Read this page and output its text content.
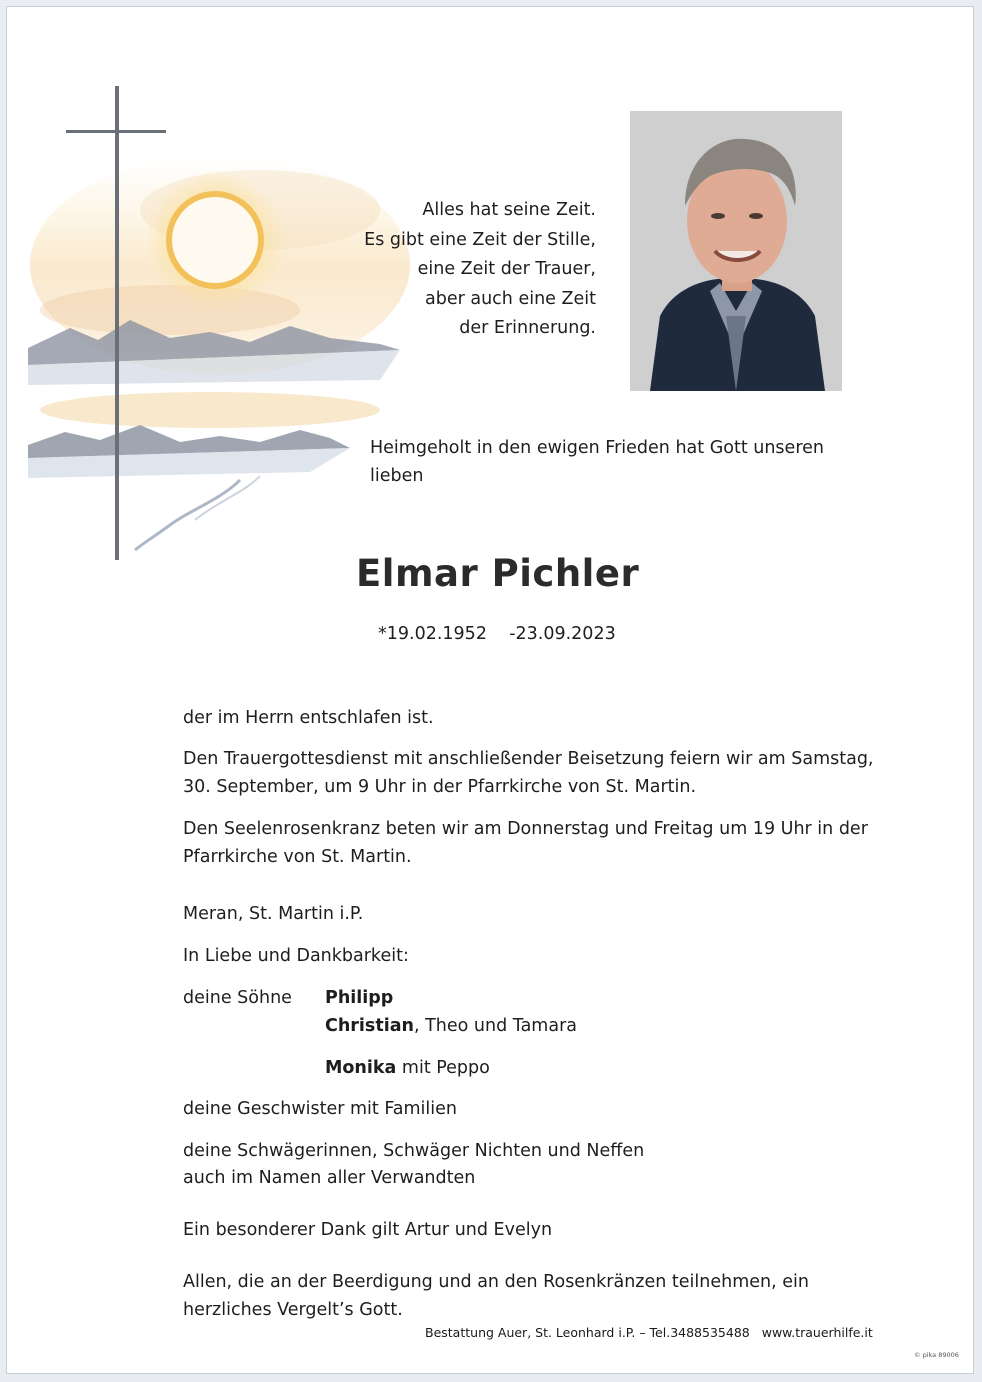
Alles hat seine Zeit.
Es gibt eine Zeit der Stille,
eine Zeit der Trauer,
aber auch eine Zeit
der Erinnerung.
Heimgeholt in den ewigen Frieden hat Gott unseren
lieben
Elmar Pichler
*19.02.1952    ‐23.09.2023
der im Herrn entschlafen ist.
Den Trauergottesdienst mit anschließender Beisetzung feiern wir am Samstag,
30. September, um 9 Uhr in der Pfarrkirche von St. Martin.
Den Seelenrosenkranz beten wir am Donnerstag und Freitag um 19 Uhr in der
Pfarrkirche von St. Martin.
Meran, St. Martin i.P.
In Liebe und Dankbarkeit:
deine Söhne Philipp
Christian, Theo und Tamara
Monika mit Peppo
deine Geschwister mit Familien
deine Schwägerinnen, Schwäger Nichten und Neffen
auch im Namen aller Verwandten
Ein besonderer Dank gilt Artur und Evelyn
Allen, die an der Beerdigung und an den Rosenkränzen teilnehmen, ein
herzliches Vergelt’s Gott.
Bestattung Auer, St. Leonhard i.P. – Tel.3488535488 www.trauerhilfe.it
© pika 89006
